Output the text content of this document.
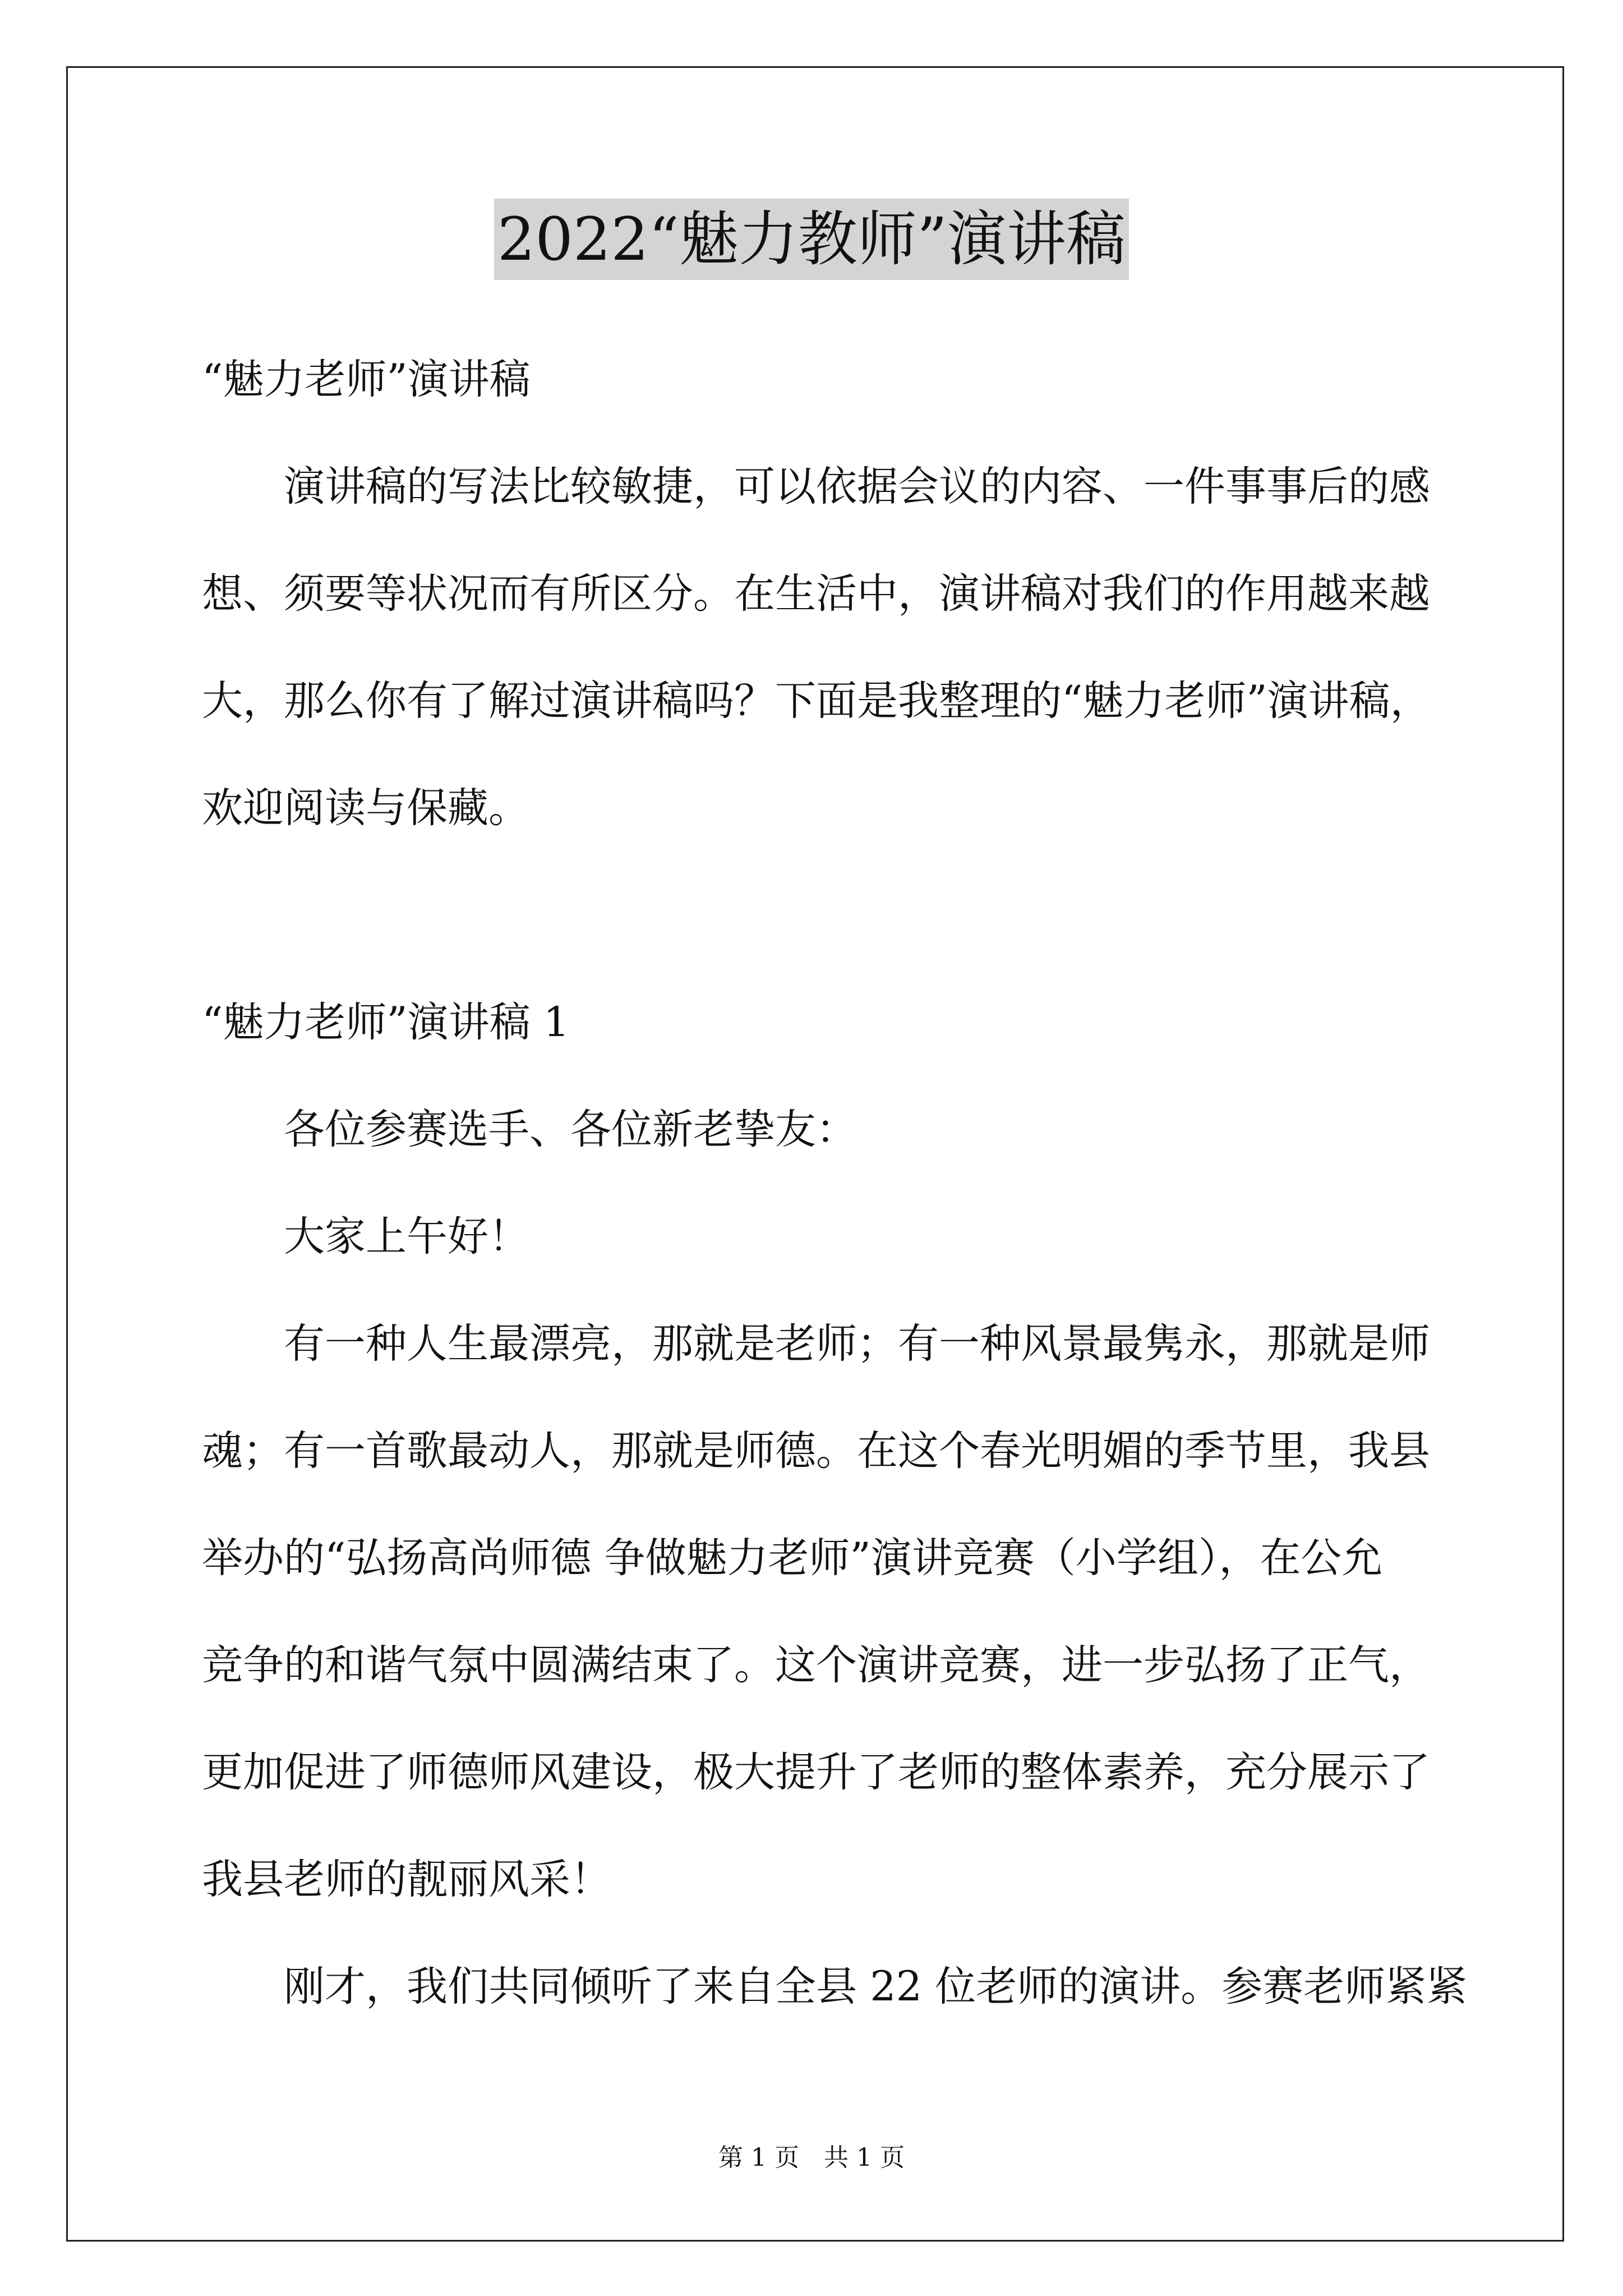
2022“魅力教师”演讲稿
“魅力老师”演讲稿
演讲稿的写法比较敏捷，可以依据会议的内容、一件事事后的感
想、须要等状况而有所区分。在生活中，演讲稿对我们的作用越来越
大，那么你有了解过演讲稿吗？下面是我整理的“魅力老师”演讲稿，
欢迎阅读与保藏。
“魅力老师”演讲稿 1
各位参赛选手、各位新老挚友：
大家上午好！
有一种人生最漂亮，那就是老师；有一种风景最隽永，那就是师
魂；有一首歌最动人，那就是师德。在这个春光明媚的季节里，我县
举办的“弘扬高尚师德 争做魅力老师”演讲竞赛（小学组），在公允
竞争的和谐气氛中圆满结束了。这个演讲竞赛，进一步弘扬了正气，
更加促进了师德师风建设，极大提升了老师的整体素养，充分展示了
我县老师的靓丽风采！
刚才，我们共同倾听了来自全县 22 位老师的演讲。参赛老师紧紧
第 1 页　共 1 页
